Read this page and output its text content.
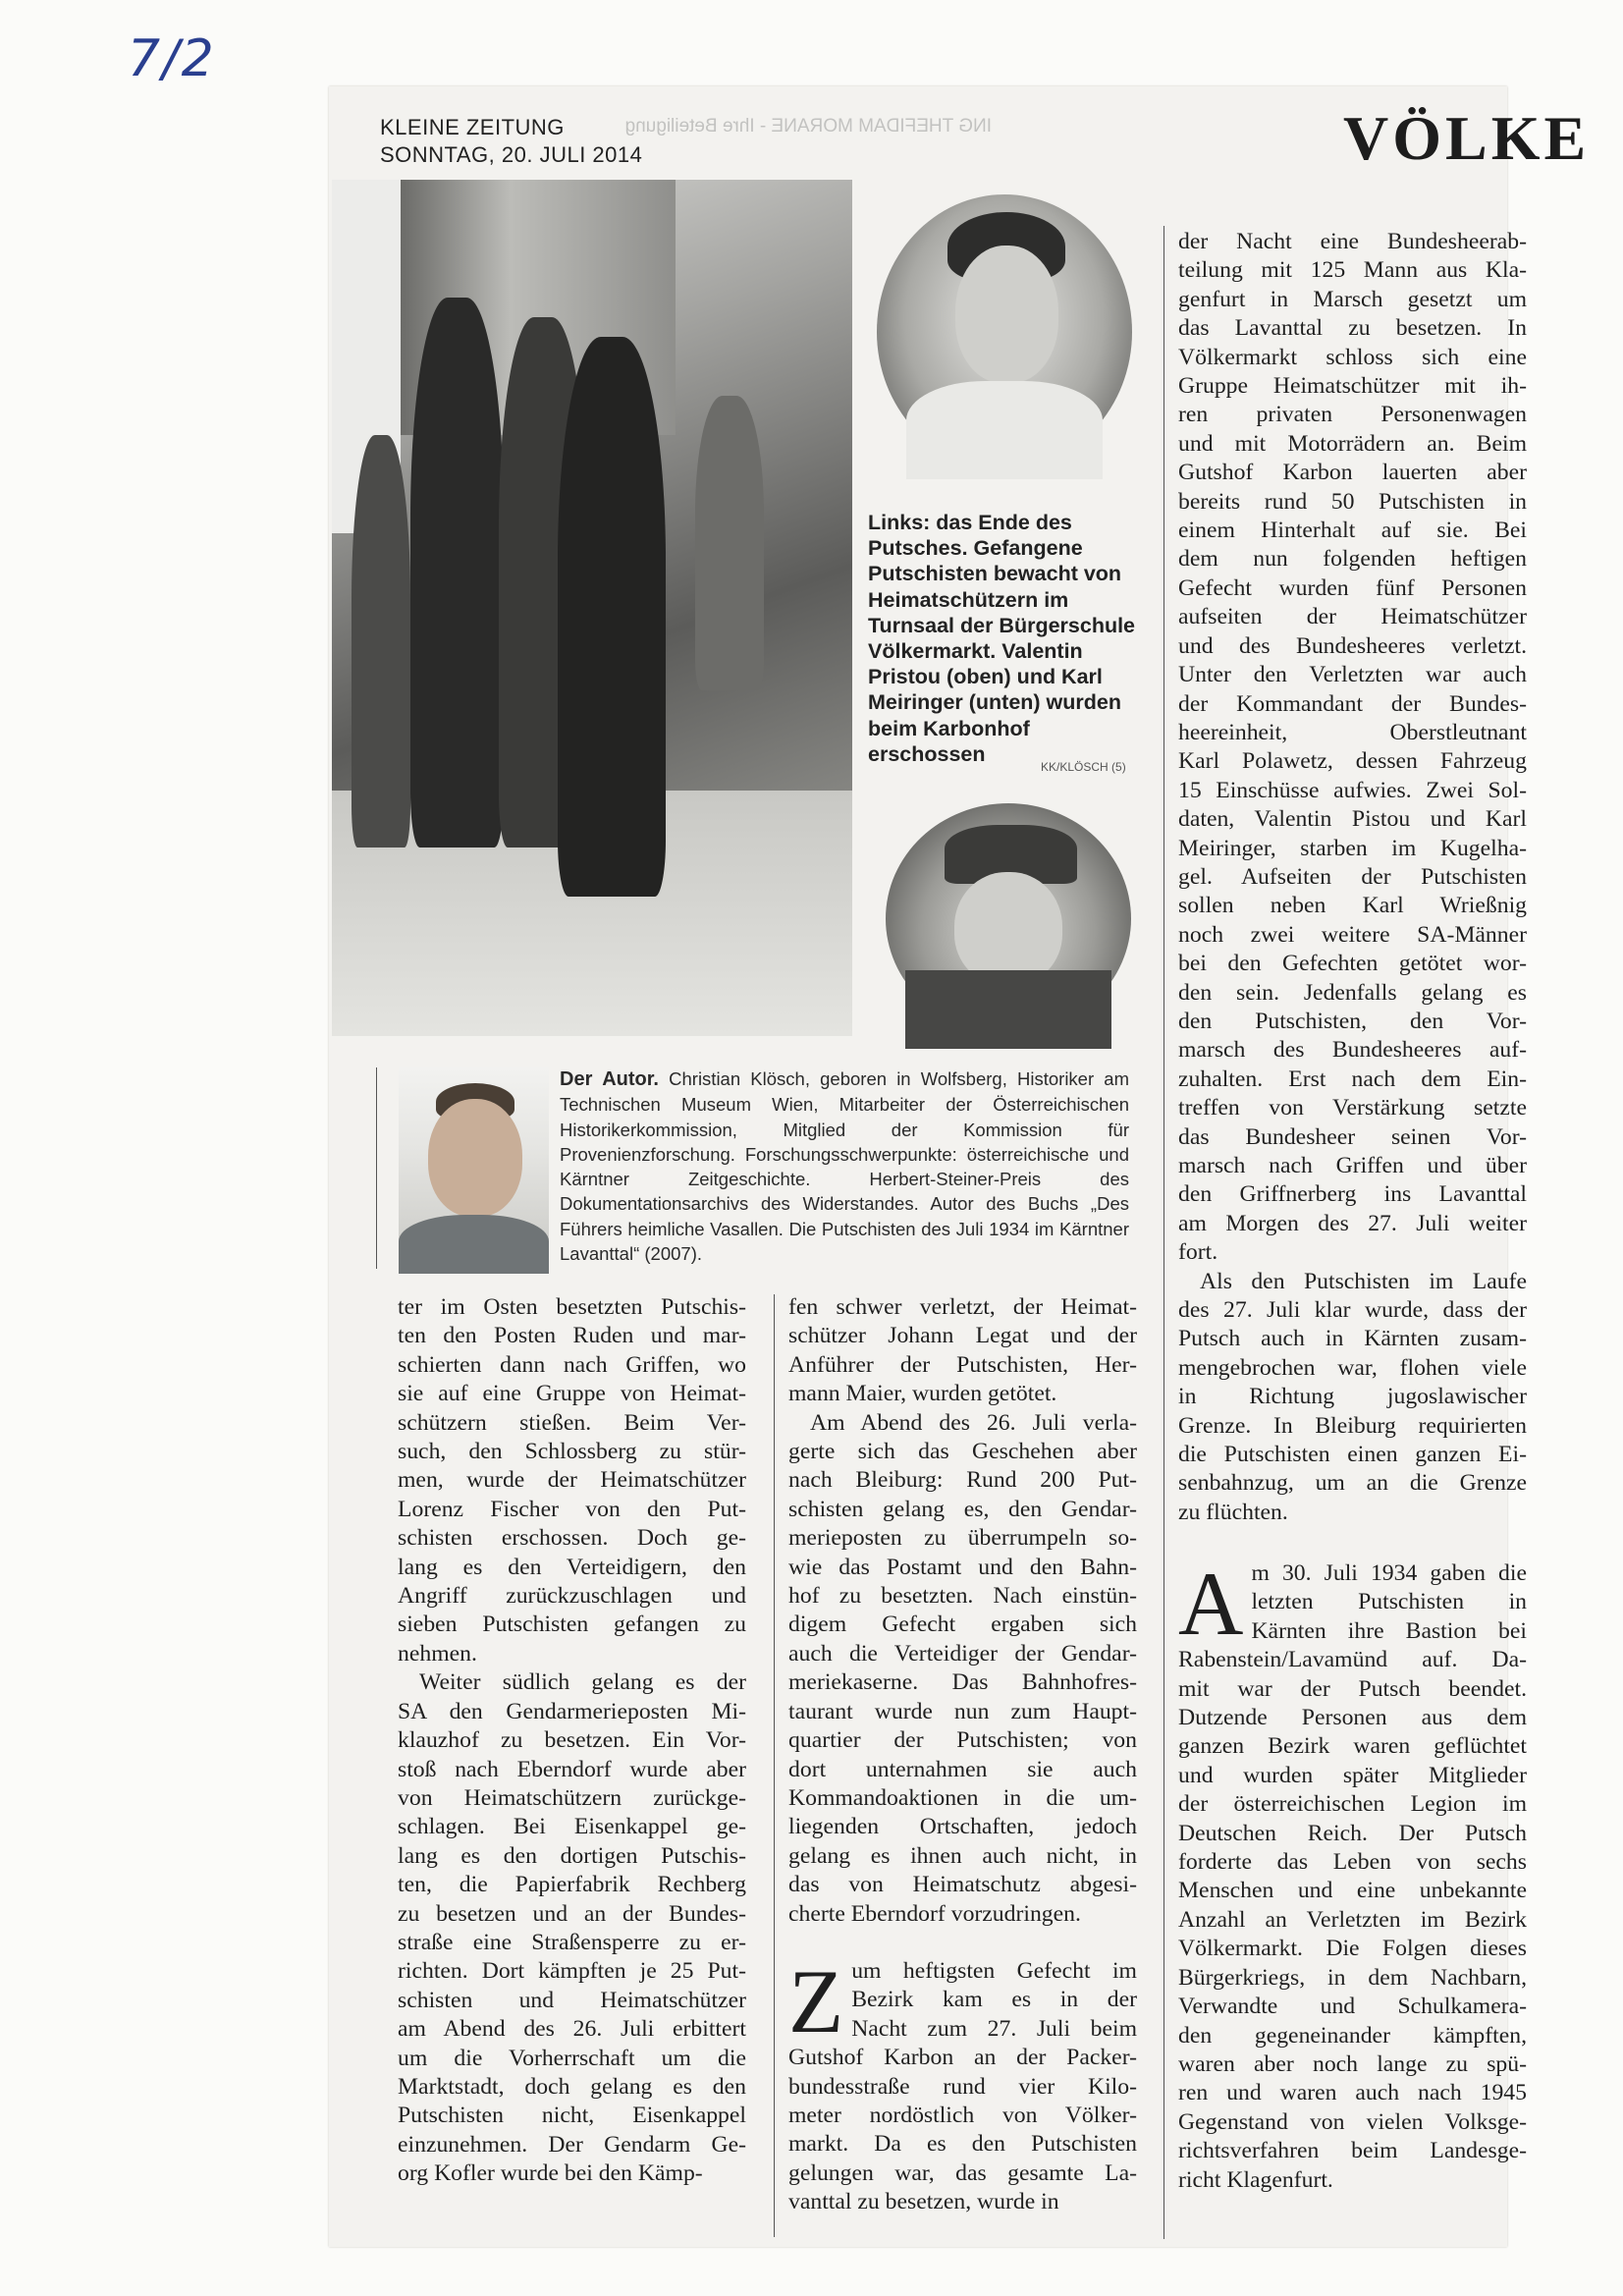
7/2
KLEINE ZEITUNG
SONNTAG, 20. JULI 2014
ING THEFIDAM MORANE - Ihre Beteiligung	VÖLKE
Links: das Ende des Putsches. Gefangene Putschisten bewacht von Heimatschützern im Turnsaal der Bürgerschule Völkermarkt. Valentin Pristou (oben) und Karl Meiringer (unten) wurden beim Karbonhof erschossen
KK/KLÖSCH (5)
Der Autor. Christian Klösch, geboren in Wolfsberg, Historiker am Technischen Museum Wien, Mitarbeiter der Österreichischen Historikerkommission, Mitglied der Kommission für Provenienzforschung. Forschungsschwerpunkte: österreichische und Kärntner Zeitgeschichte. Herbert-Steiner-Preis des Dokumentationsarchivs des Widerstandes. Autor des Buchs „Des Führers heimliche Vasallen. Die Putschisten des Juli 1934 im Kärntner Lavanttal“ (2007).
ter im Osten besetzten Putschis-
ten den Posten Ruden und mar-
schierten dann nach Griffen, wo
sie auf eine Gruppe von Heimat-
schützern stießen. Beim Ver-
such, den Schlossberg zu stür-
men, wurde der Heimatschützer
Lorenz Fischer von den Put-
schisten erschossen. Doch ge-
lang es den Verteidigern, den
Angriff zurückzuschlagen und
sieben Putschisten gefangen zu
nehmen.
Weiter südlich gelang es der
SA den Gendarmerieposten Mi-
klauzhof zu besetzen. Ein Vor-
stoß nach Eberndorf wurde aber
von Heimatschützern zurückge-
schlagen. Bei Eisenkappel ge-
lang es den dortigen Putschis-
ten, die Papierfabrik Rechberg
zu besetzen und an der Bundes-
straße eine Straßensperre zu er-
richten. Dort kämpften je 25 Put-
schisten und Heimatschützer
am Abend des 26. Juli erbittert
um die Vorherrschaft um die
Marktstadt, doch gelang es den
Putschisten nicht, Eisenkappel
einzunehmen. Der Gendarm Ge-
org Kofler wurde bei den Kämp-
fen schwer verletzt, der Heimat-
schützer Johann Legat und der
Anführer der Putschisten, Her-
mann Maier, wurden getötet.
Am Abend des 26. Juli verla-
gerte sich das Geschehen aber
nach Bleiburg: Rund 200 Put-
schisten gelang es, den Gendar-
merieposten zu überrumpeln so-
wie das Postamt und den Bahn-
hof zu besetzten. Nach einstün-
digem Gefecht ergaben sich
auch die Verteidiger der Gendar-
meriekaserne. Das Bahnhofres-
taurant wurde nun zum Haupt-
quartier der Putschisten; von
dort unternahmen sie auch
Kommandoaktionen in die um-
liegenden Ortschaften, jedoch
gelang es ihnen auch nicht, in
das von Heimatschutz abgesi-
cherte Eberndorf vorzudringen.
Z um heftigsten Gefecht im
Bezirk kam es in der
Nacht zum 27. Juli beim
Gutshof Karbon an der Packer-
bundesstraße rund vier Kilo-
meter nordöstlich von Völker-
markt. Da es den Putschisten
gelungen war, das gesamte La-
vanttal zu besetzen, wurde in
der Nacht eine Bundesheerab-
teilung mit 125 Mann aus Kla-
genfurt in Marsch gesetzt um
das Lavanttal zu besetzen. In
Völkermarkt schloss sich eine
Gruppe Heimatschützer mit ih-
ren privaten Personenwagen
und mit Motorrädern an. Beim
Gutshof Karbon lauerten aber
bereits rund 50 Putschisten in
einem Hinterhalt auf sie. Bei
dem nun folgenden heftigen
Gefecht wurden fünf Personen
aufseiten der Heimatschützer
und des Bundesheeres verletzt.
Unter den Verletzten war auch
der Kommandant der Bundes-
heereinheit, Oberstleutnant
Karl Polawetz, dessen Fahrzeug
15 Einschüsse aufwies. Zwei Sol-
daten, Valentin Pistou und Karl
Meiringer, starben im Kugelha-
gel. Aufseiten der Putschisten
sollen neben Karl Wrießnig
noch zwei weitere SA-Männer
bei den Gefechten getötet wor-
den sein. Jedenfalls gelang es
den Putschisten, den Vor-
marsch des Bundesheeres auf-
zuhalten. Erst nach dem Ein-
treffen von Verstärkung setzte
das Bundesheer seinen Vor-
marsch nach Griffen und über
den Griffnerberg ins Lavanttal
am Morgen des 27. Juli weiter
fort.
Als den Putschisten im Laufe
des 27. Juli klar wurde, dass der
Putsch auch in Kärnten zusam-
mengebrochen war, flohen viele
in Richtung jugoslawischer
Grenze. In Bleiburg requirierten
die Putschisten einen ganzen Ei-
senbahnzug, um an die Grenze
zu flüchten.
A m 30. Juli 1934 gaben die
letzten Putschisten in
Kärnten ihre Bastion bei
Rabenstein/Lavamünd auf. Da-
mit war der Putsch beendet.
Dutzende Personen aus dem
ganzen Bezirk waren geflüchtet
und wurden später Mitglieder
der österreichischen Legion im
Deutschen Reich. Der Putsch
forderte das Leben von sechs
Menschen und eine unbekannte
Anzahl an Verletzten im Bezirk
Völkermarkt. Die Folgen dieses
Bürgerkriegs, in dem Nachbarn,
Verwandte und Schulkamera-
den gegeneinander kämpften,
waren aber noch lange zu spü-
ren und waren auch nach 1945
Gegenstand von vielen Volksge-
richtsverfahren beim Landesge-
richt Klagenfurt.
